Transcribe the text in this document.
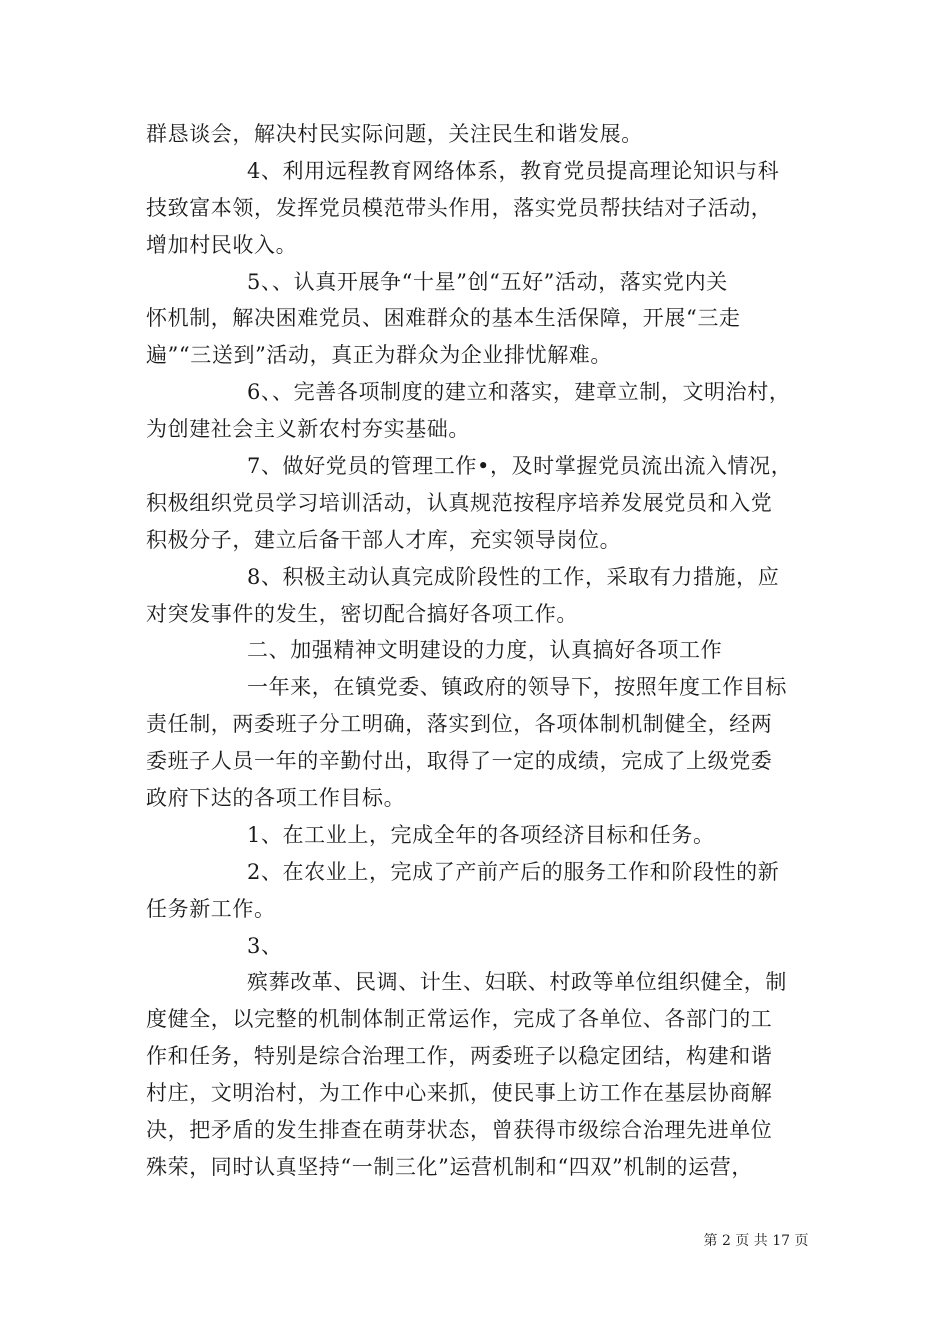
群恳谈会，解决村民实际问题，关注民生和谐发展。
4、利用远程教育网络体系，教育党员提高理论知识与科
技致富本领，发挥党员模范带头作用，落实党员帮扶结对子活动，
增加村民收入。
5、、认真开展争“十星”创“五好”活动，落实党内关
怀机制，解决困难党员、困难群众的基本生活保障，开展“三走
遍”“三送到”活动，真正为群众为企业排忧解难。
6、、完善各项制度的建立和落实，建章立制，文明治村，
为创建社会主义新农村夯实基础。
7、做好党员的管理工作•，及时掌握党员流出流入情况，
积极组织党员学习培训活动，认真规范按程序培养发展党员和入党
积极分子，建立后备干部人才库，充实领导岗位。
8、积极主动认真完成阶段性的工作，采取有力措施，应
对突发事件的发生，密切配合搞好各项工作。
二、加强精神文明建设的力度，认真搞好各项工作
一年来，在镇党委、镇政府的领导下，按照年度工作目标
责任制，两委班子分工明确，落实到位，各项体制机制健全，经两
委班子人员一年的辛勤付出，取得了一定的成绩，完成了上级党委
政府下达的各项工作目标。
1、在工业上，完成全年的各项经济目标和任务。
2、在农业上，完成了产前产后的服务工作和阶段性的新
任务新工作。
3、
殡葬改革、民调、计生、妇联、村政等单位组织健全，制
度健全，以完整的机制体制正常运作，完成了各单位、各部门的工
作和任务，特别是综合治理工作，两委班子以稳定团结，构建和谐
村庄，文明治村，为工作中心来抓，使民事上访工作在基层协商解
决，把矛盾的发生排查在萌芽状态，曾获得市级综合治理先进单位
殊荣，同时认真坚持“一制三化”运营机制和“四双”机制的运营，
第 2 页 共 17 页
